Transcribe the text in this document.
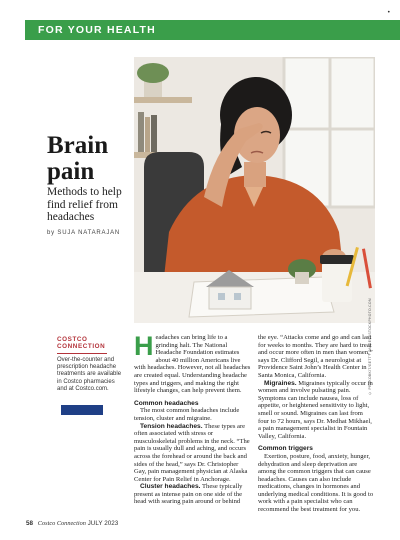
•
FOR YOUR HEALTH
Brain
pain
Methods to help find relief from headaches
by SUJA NATARAJAN
© PRAKOBKIT/GETTY IMAGES/ISTOCKPHOTO.COM
COSTCO
CONNECTION
Over-the-counter and prescription headache treatments are available in Costco pharmacies and at Costco.com.

Headaches can bring life to a grinding halt. The National Headache Foundation estimates about 40 million Americans live with headaches. However, not all headaches are created equal. Understanding headache types and triggers, and making the right lifestyle changes, can help prevent them.

Common headaches

The most common headaches include tension, cluster and migraine.

Tension headaches. These types are often associated with stress or musculoskeletal problems in the neck. “The pain is usually dull and aching, and occurs across the forehead or around the back and sides of the head,” says Dr. Christopher Gay, pain management physician at Alaska Center for Pain Relief in Anchorage.

Cluster headaches. These typically present as intense pain on one side of the head with searing pain around or behind

the eye. “Attacks come and go and can last for weeks to months. They are hard to treat and occur more often in men than women,” says Dr. Clifford Segil, a neurologist at Providence Saint John’s Health Center in Santa Monica, California.

Migraines. Migraines typically occur in women and involve pulsating pain. Symptoms can include nausea, loss of appetite, or heightened sensitivity to light, smell or sound. Migraines can last from four to 72 hours, says Dr. Medhat Mikhael, a pain management specialist in Fountain Valley, California.

Common triggers

Exertion, posture, food, anxiety, hunger, dehydration and sleep deprivation are among the common triggers that can cause headaches. Causes can also include medications, changes in hormones and underlying medical conditions. It is good to work with a pain specialist who can recommend the best treatment for you.

58 Costco Connection JULY 2023
